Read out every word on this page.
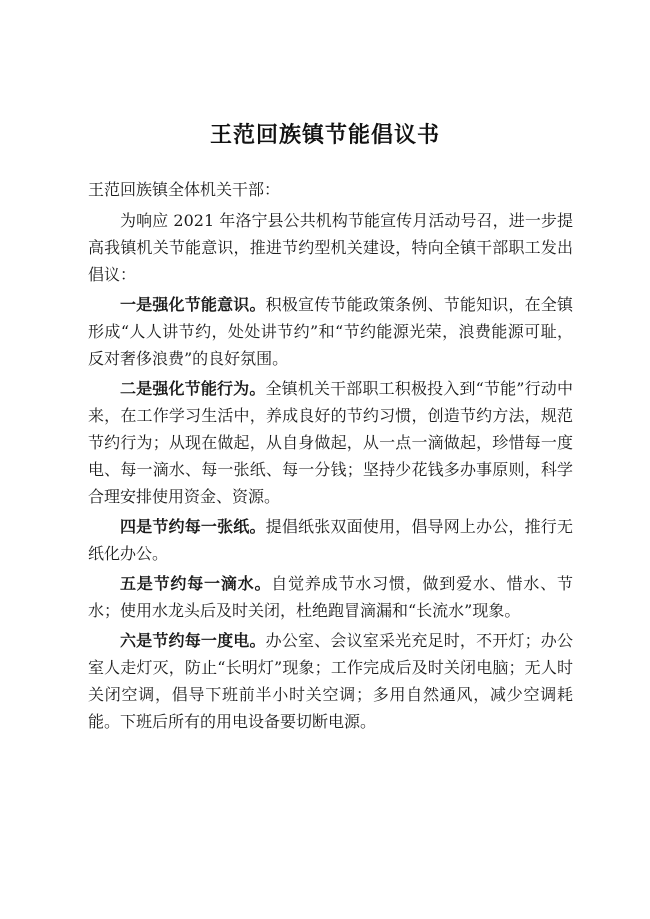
王范回族镇节能倡议书

王范回族镇全体机关干部：

为响应 2021 年洛宁县公共机构节能宣传月活动号召，进一步提高我镇机关节能意识，推进节约型机关建设，特向全镇干部职工发出倡议：

一是强化节能意识。积极宣传节能政策条例、节能知识，在全镇形成“人人讲节约，处处讲节约”和“节约能源光荣，浪费能源可耻，反对奢侈浪费”的良好氛围。

二是强化节能行为。全镇机关干部职工积极投入到“节能”行动中来，在工作学习生活中，养成良好的节约习惯，创造节约方法，规范节约行为；从现在做起，从自身做起，从一点一滴做起，珍惜每一度电、每一滴水、每一张纸、每一分钱；坚持少花钱多办事原则，科学合理安排使用资金、资源。

四是节约每一张纸。提倡纸张双面使用，倡导网上办公，推行无纸化办公。

五是节约每一滴水。自觉养成节水习惯，做到爱水、惜水、节水；使用水龙头后及时关闭，杜绝跑冒滴漏和“长流水”现象。

六是节约每一度电。办公室、会议室采光充足时，不开灯；办公室人走灯灭，防止“长明灯”现象；工作完成后及时关闭电脑；无人时关闭空调，倡导下班前半小时关空调；多用自然通风，减少空调耗能。下班后所有的用电设备要切断电源。
